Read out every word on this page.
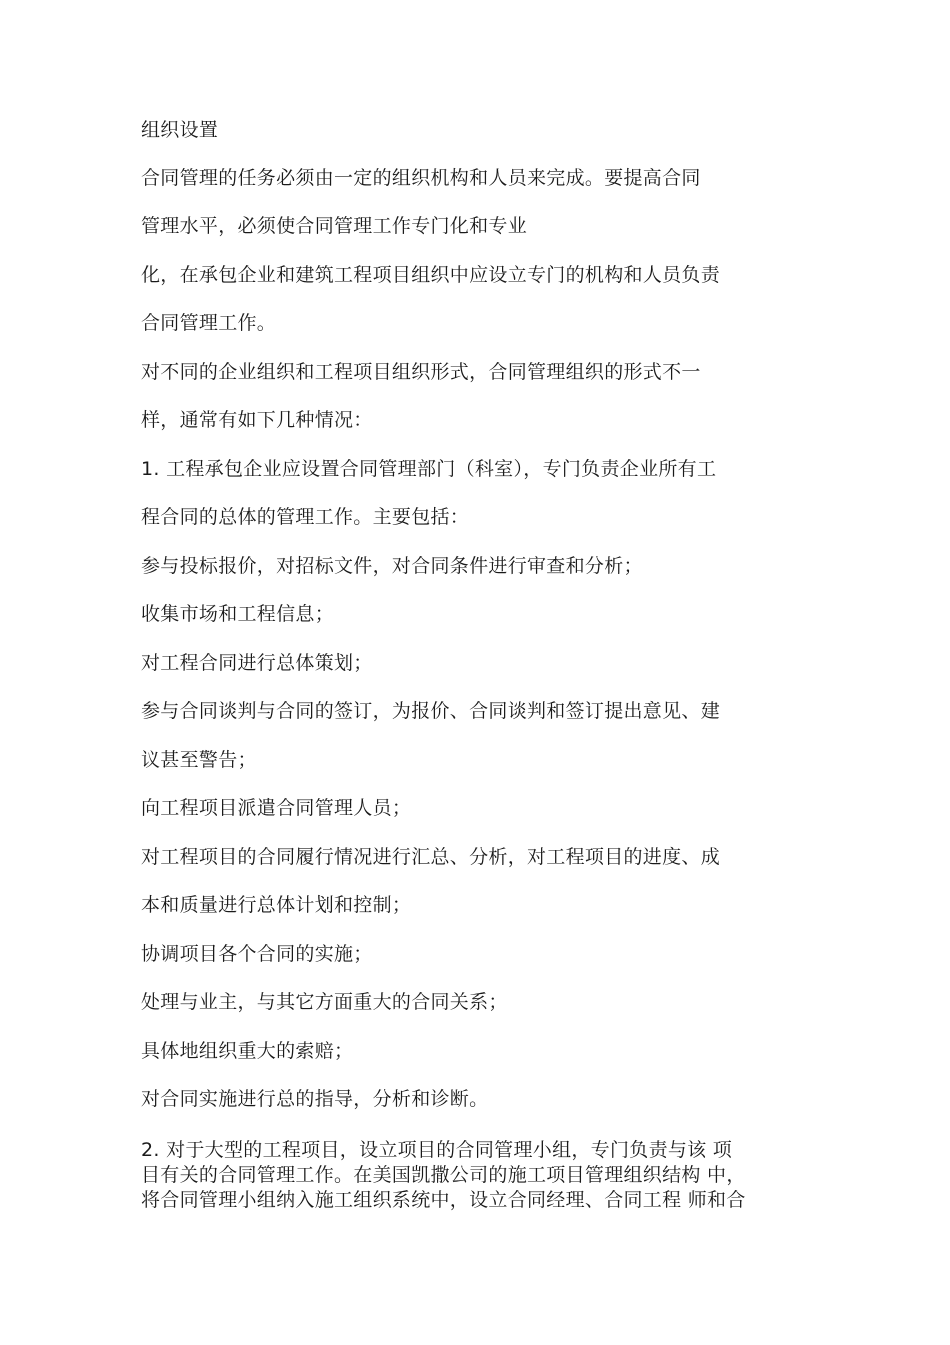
组织设置
合同管理的任务必须由一定的组织机构和人员来完成。要提高合同
管理水平，必须使合同管理工作专门化和专业
化，在承包企业和建筑工程项目组织中应设立专门的机构和人员负责
合同管理工作。
对不同的企业组织和工程项目组织形式，合同管理组织的形式不一
样，通常有如下几种情况：
1. 工程承包企业应设置合同管理部门（科室），专门负责企业所有工
程合同的总体的管理工作。主要包括：
参与投标报价，对招标文件，对合同条件进行审查和分析；
收集市场和工程信息；
对工程合同进行总体策划；
参与合同谈判与合同的签订，为报价、合同谈判和签订提出意见、建
议甚至警告；
向工程项目派遣合同管理人员；
对工程项目的合同履行情况进行汇总、分析，对工程项目的进度、成
本和质量进行总体计划和控制；
协调项目各个合同的实施；
处理与业主，与其它方面重大的合同关系；
具体地组织重大的索赔；
对合同实施进行总的指导，分析和诊断。
2. 对于大型的工程项目，设立项目的合同管理小组，专门负责与该 项
目有关的合同管理工作。在美国凯撒公司的施工项目管理组织结构 中，
将合同管理小组纳入施工组织系统中，设立合同经理、合同工程 师和合
